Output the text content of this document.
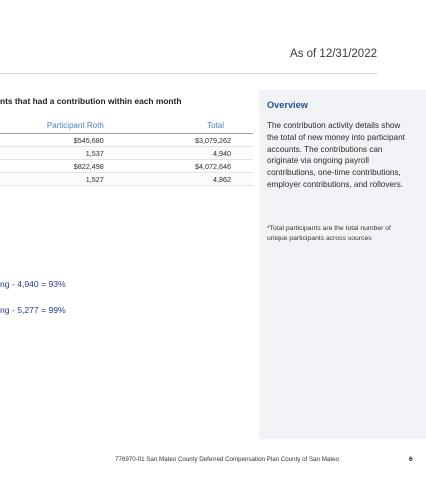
As of 12/31/2022
nts that had a contribution within each month
	Participant Roth	Total
	$545,680	$3,079,262
	1,537	4,940
	$822,498	$4,072,646
	1,527	4,862
ng - 4,940 = 93%
ng - 5,277 = 99%
Overview
The contribution activity details show the total of new money into participant accounts. The contributions can originate via ongoing payroll contributions, one-time contributions, employer contributions, and rollovers.
*Total participants are the total number of unique participants across sources
776970-01 San Mateo County Deferred Compensation Plan County of San Mateo	6
